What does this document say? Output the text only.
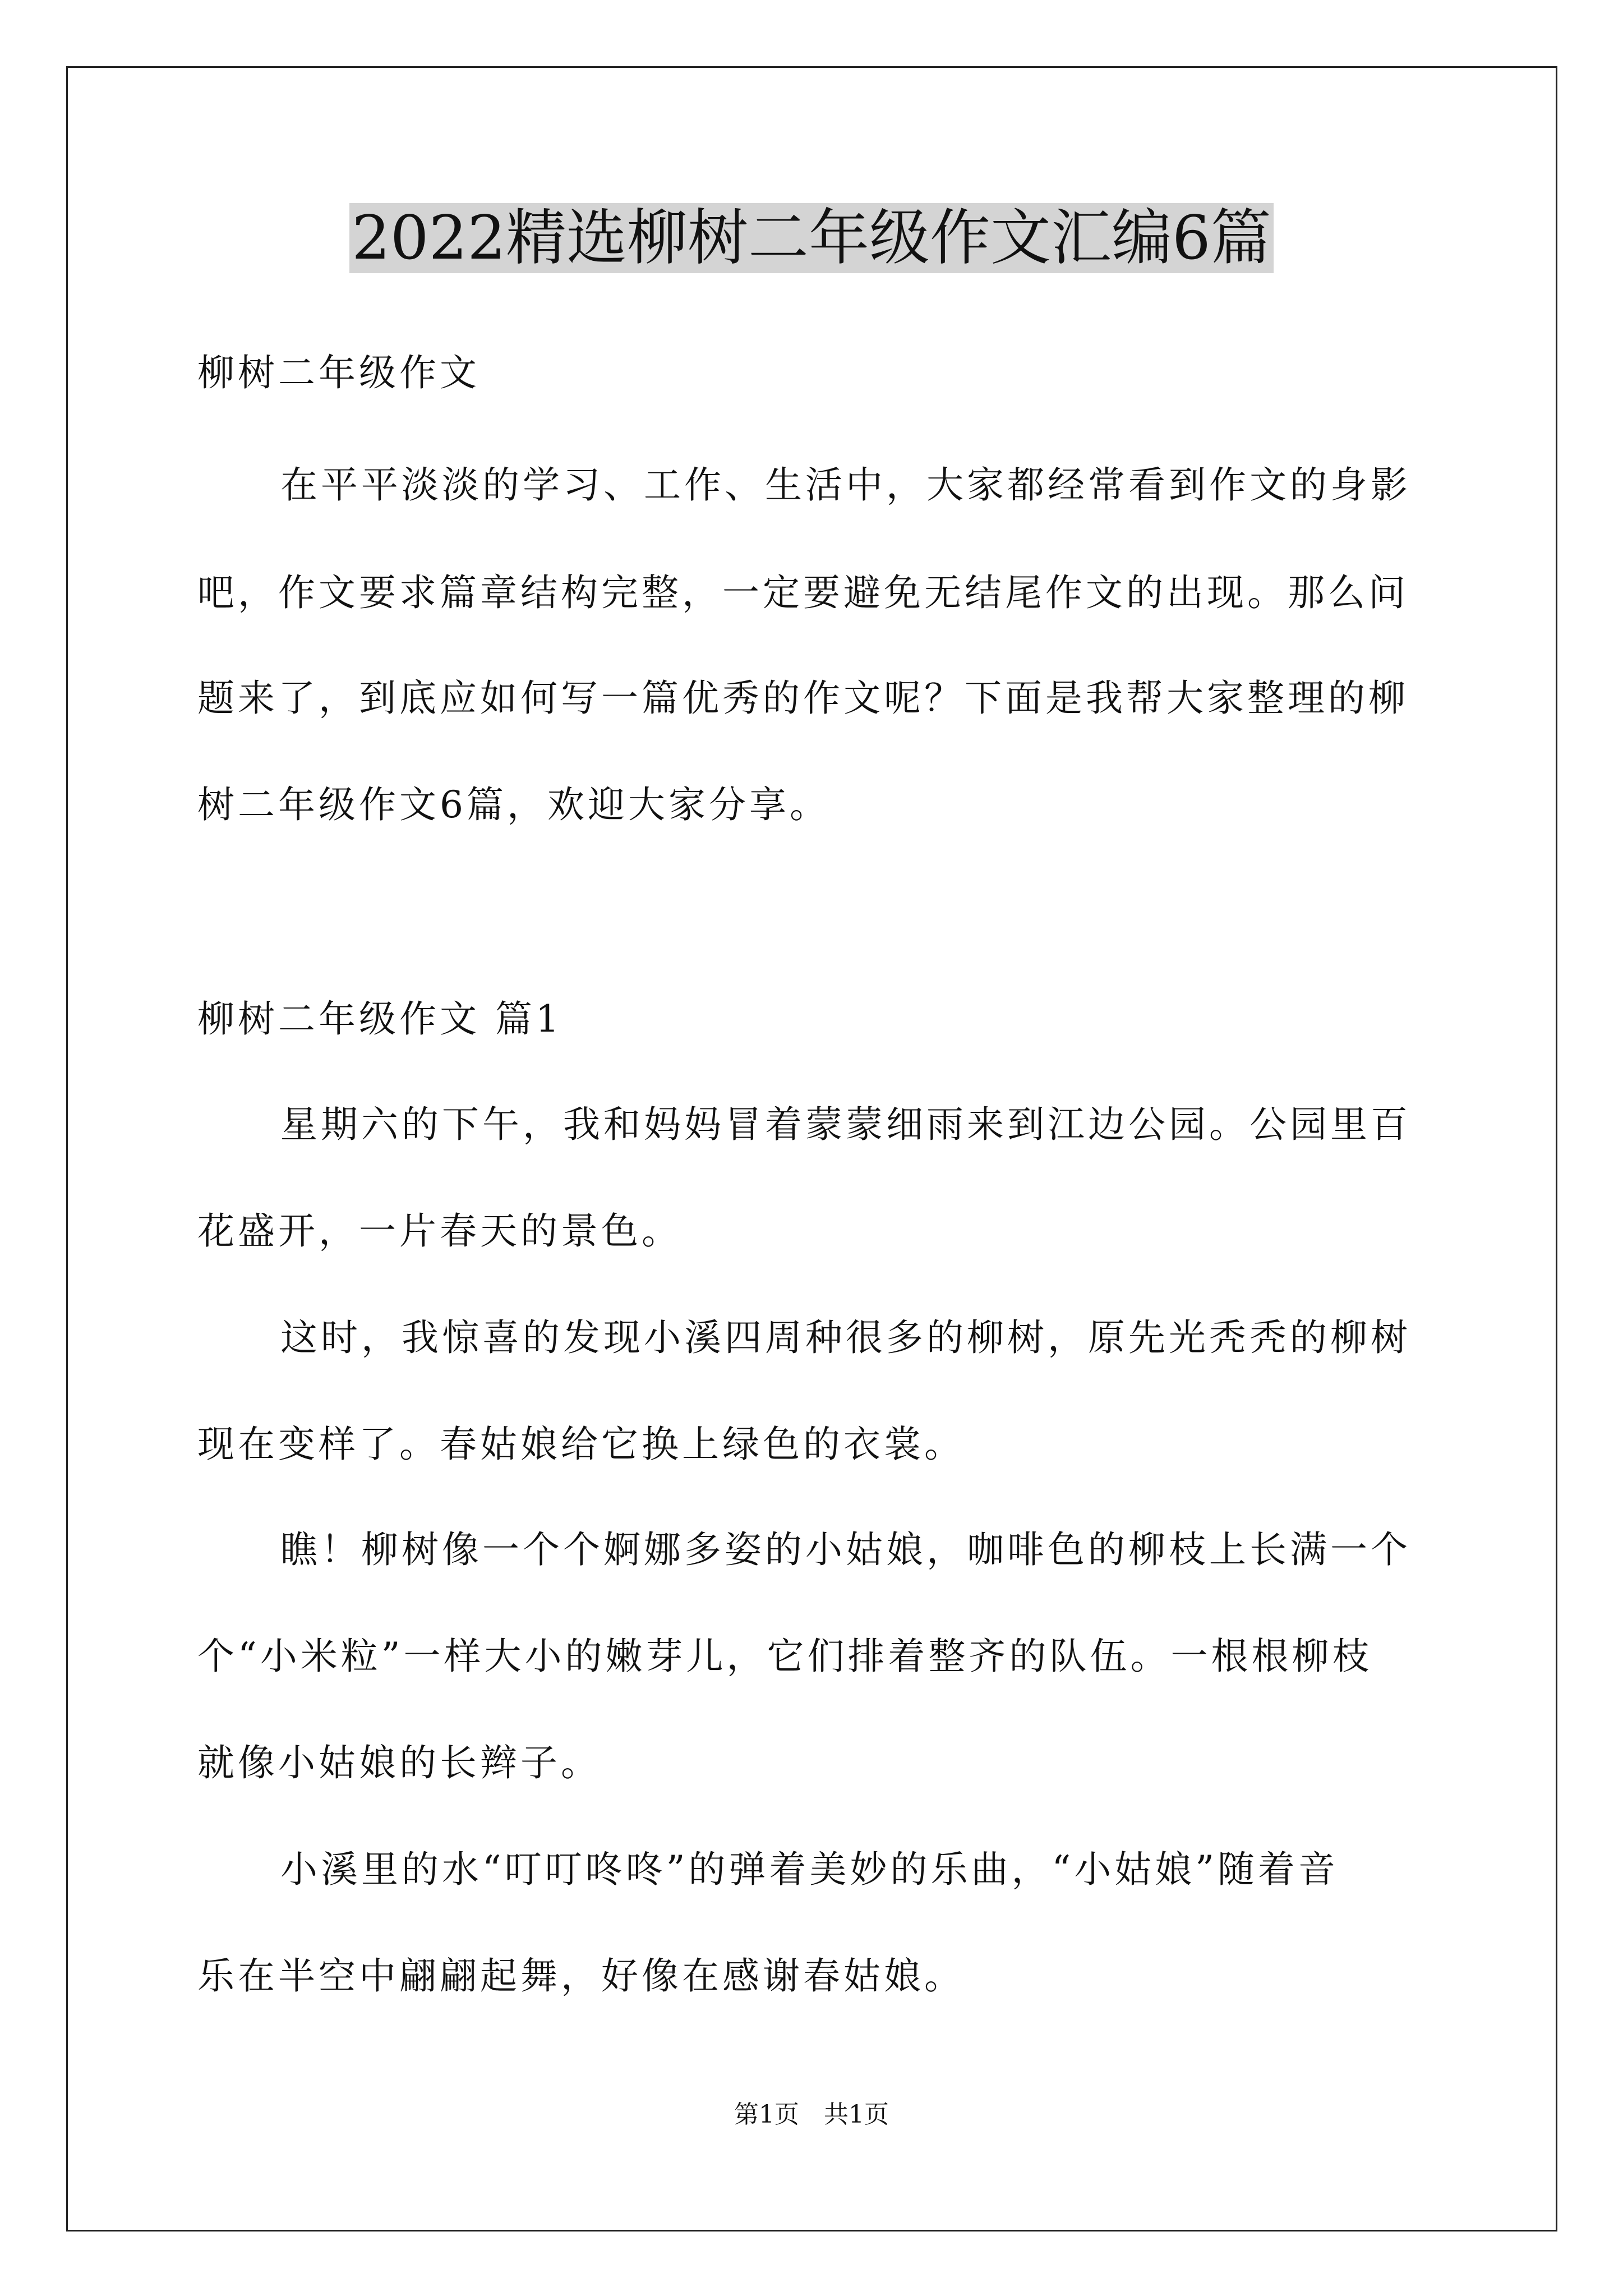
2022精选柳树二年级作文汇编6篇
柳树二年级作文
在平平淡淡的学习、工作、生活中，大家都经常看到作文的身影
吧，作文要求篇章结构完整，一定要避免无结尾作文的出现。那么问
题来了，到底应如何写一篇优秀的作文呢？下面是我帮大家整理的柳
树二年级作文6篇，欢迎大家分享。
柳树二年级作文 篇1
星期六的下午，我和妈妈冒着蒙蒙细雨来到江边公园。公园里百
花盛开，一片春天的景色。
这时，我惊喜的发现小溪四周种很多的柳树，原先光秃秃的柳树
现在变样了。春姑娘给它换上绿色的衣裳。
瞧！柳树像一个个婀娜多姿的小姑娘，咖啡色的柳枝上长满一个
个“小米粒”一样大小的嫩芽儿，它们排着整齐的队伍。一根根柳枝
就像小姑娘的长辫子。
小溪里的水“叮叮咚咚”的弹着美妙的乐曲，“小姑娘”随着音
乐在半空中翩翩起舞，好像在感谢春姑娘。
第1页　共1页
